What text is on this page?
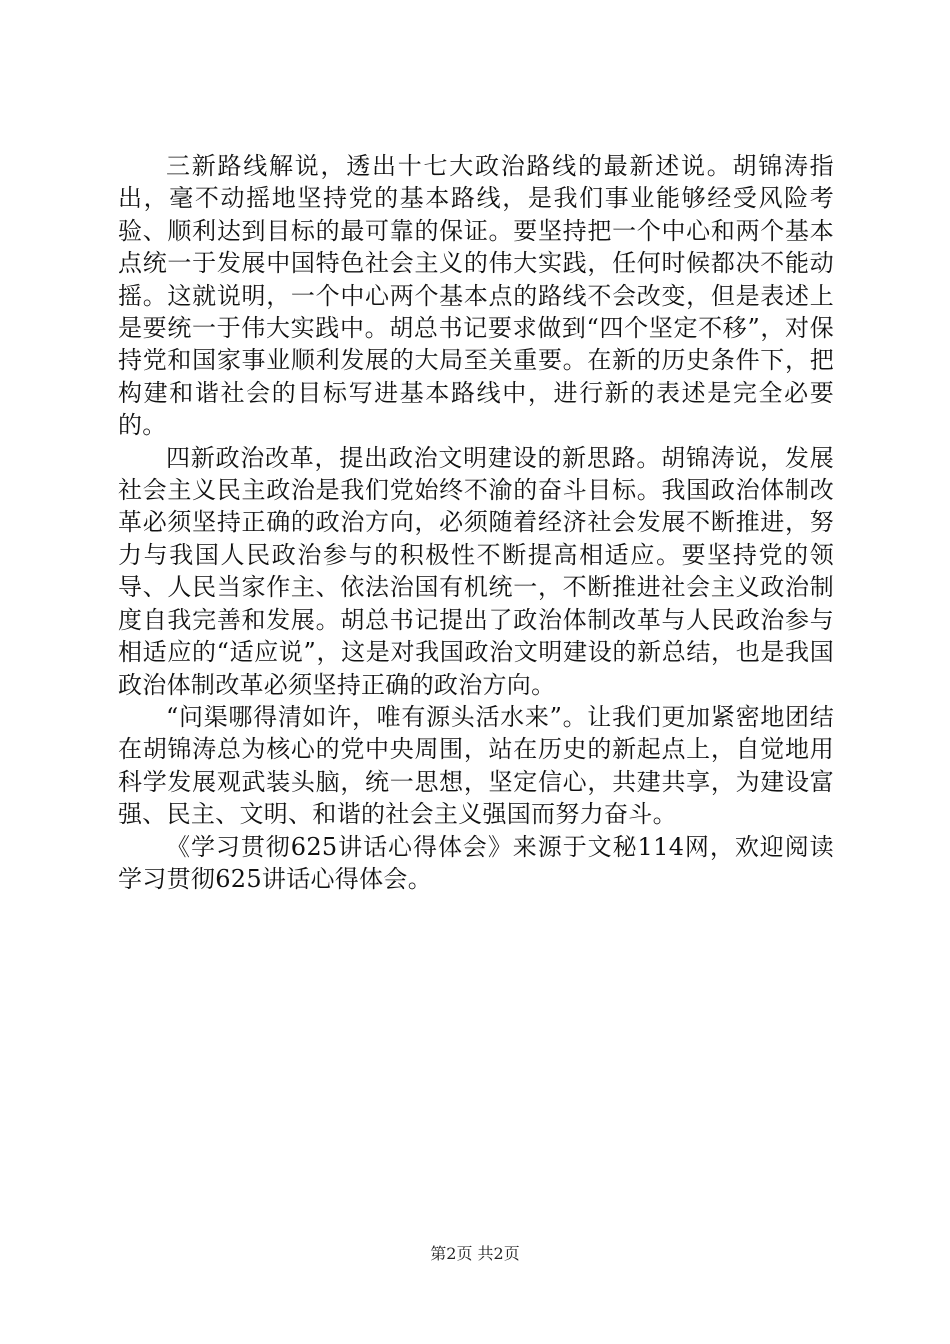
三新路线解说，透出十七大政治路线的最新述说。胡锦涛指出，毫不动摇地坚持党的基本路线，是我们事业能够经受风险考验、顺利达到目标的最可靠的保证。要坚持把一个中心和两个基本点统一于发展中国特色社会主义的伟大实践，任何时候都决不能动摇。这就说明，一个中心两个基本点的路线不会改变，但是表述上是要统一于伟大实践中。胡总书记要求做到“四个坚定不移”，对保持党和国家事业顺利发展的大局至关重要。在新的历史条件下，把构建和谐社会的目标写进基本路线中，进行新的表述是完全必要的。

四新政治改革，提出政治文明建设的新思路。胡锦涛说，发展社会主义民主政治是我们党始终不渝的奋斗目标。我国政治体制改革必须坚持正确的政治方向，必须随着经济社会发展不断推进，努力与我国人民政治参与的积极性不断提高相适应。要坚持党的领导、人民当家作主、依法治国有机统一，不断推进社会主义政治制度自我完善和发展。胡总书记提出了政治体制改革与人民政治参与相适应的“适应说”，这是对我国政治文明建设的新总结，也是我国政治体制改革必须坚持正确的政治方向。

“问渠哪得清如许，唯有源头活水来”。让我们更加紧密地团结在胡锦涛总为核心的党中央周围，站在历史的新起点上，自觉地用科学发展观武装头脑，统一思想，坚定信心，共建共享，为建设富强、民主、文明、和谐的社会主义强国而努力奋斗。

《学习贯彻625讲话心得体会》来源于文秘114网，欢迎阅读学习贯彻625讲话心得体会。

第2页 共2页
